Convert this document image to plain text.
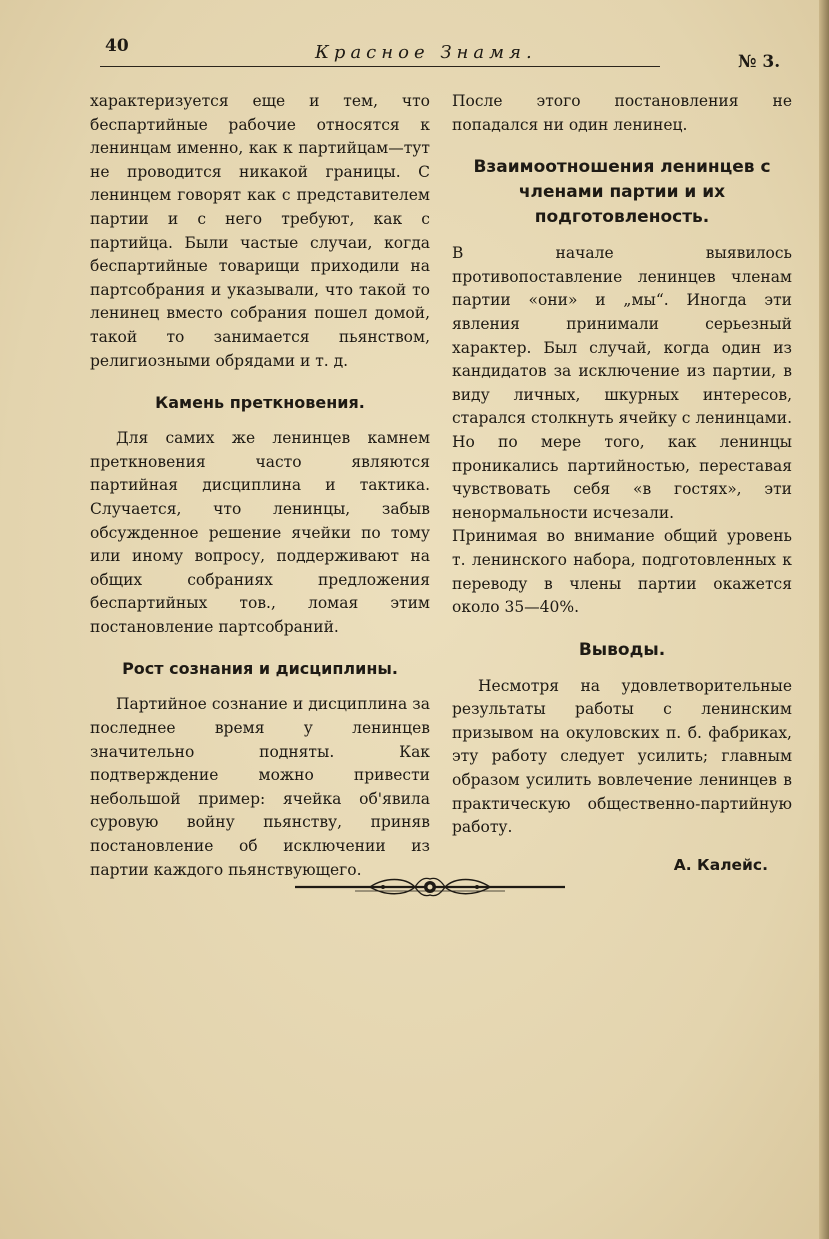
40	Красное Знамя.	№ 3.

характеризуется еще и тем, что беспартийные рабочие относятся к ленинцам именно, как к партийцам—тут не проводится никакой границы. С ленинцем говорят как с представителем партии и с него требуют, как с партийца. Были частые случаи, когда беспартийные товарищи приходили на партсобрания и указывали, что такой то ленинец вместо собрания пошел домой, такой то занимается пьянством, религиозными обрядами и т. д.

Камень преткновения.

Для самих же ленинцев камнем преткновения часто являются партийная дисциплина и тактика. Случается, что ленинцы, забыв обсужденное решение ячейки по тому или иному вопросу, поддерживают на общих собраниях предложения беспартийных тов., ломая этим постановление партсобраний.

Рост сознания и дисциплины.

Партийное сознание и дисциплина за последнее время у ленинцев значительно подняты. Как подтверждение можно привести небольшой пример: ячейка об'явила суровую войну пьянству, приняв постановление об исключении из партии каждого пьянствующего.

После этого постановления не попадался ни один ленинец.

Взаимоотношения ленинцев с членами партии и их подготовленость.

В начале выявилось противопоставление ленинцев членам партии «они» и „мы“. Иногда эти явления принимали серьезный характер. Был случай, когда один из кандидатов за исключение из партии, в виду личных, шкурных интересов, старался столкнуть ячейку с ленинцами. Но по мере того, как ленинцы проникались партийностью, переставая чувствовать себя «в гостях», эти ненормальности исчезали.

Принимая во внимание общий уровень т. ленинского набора, подготовленных к переводу в члены партии окажется около 35—40%.

Выводы.

Несмотря на удовлетворительные результаты работы с ленинским призывом на окуловских п. б. фабриках, эту работу следует усилить; главным образом усилить вовлечение ленинцев в практическую общественно-партийную работу.

А. Калейс.
